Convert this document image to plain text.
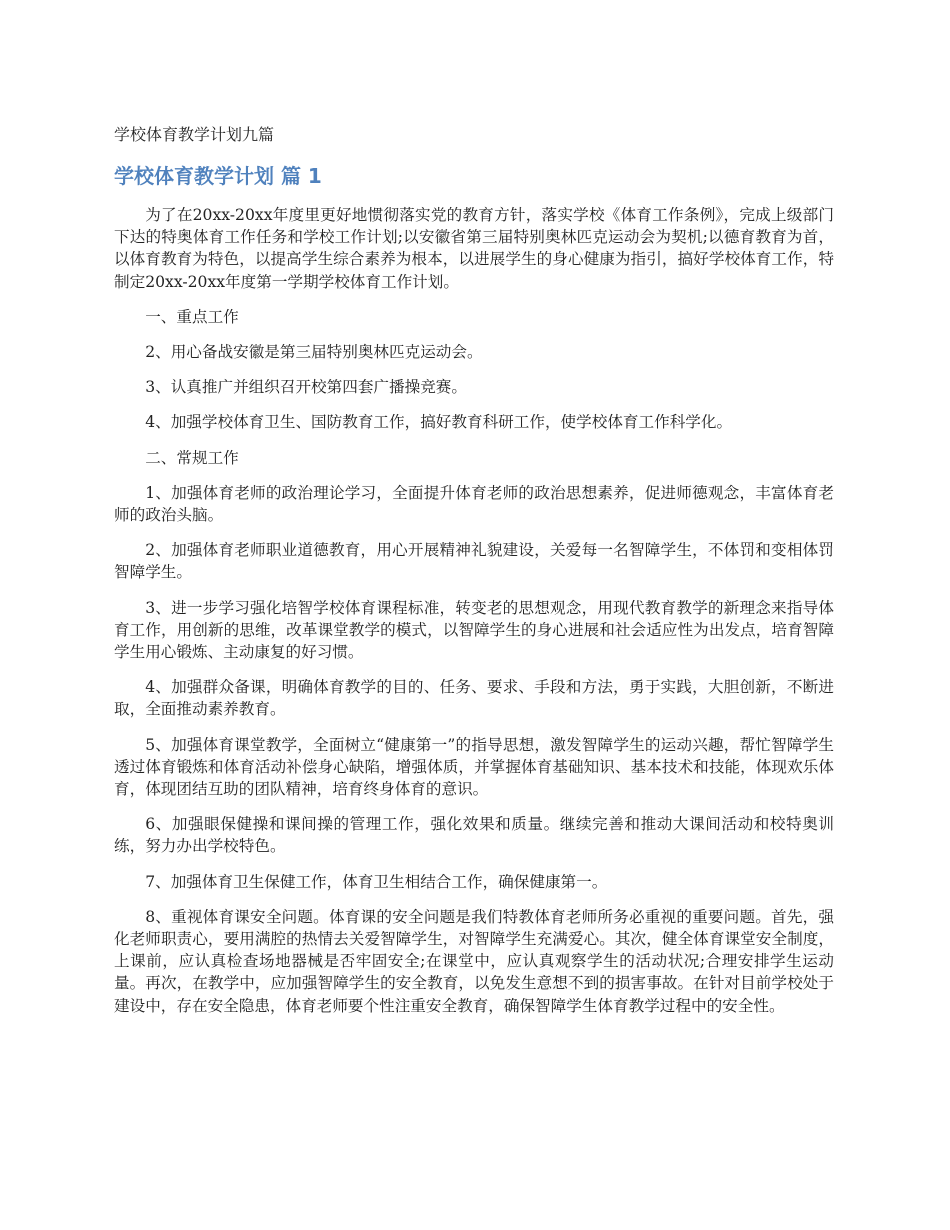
学校体育教学计划九篇
学校体育教学计划 篇 1

为了在20xx-20xx年度里更好地惯彻落实党的教育方针，落实学校《体育工作条例》，完成上级部门下达的特奥体育工作任务和学校工作计划;以安徽省第三届特别奥林匹克运动会为契机;以德育教育为首，以体育教育为特色，以提高学生综合素养为根本，以进展学生的身心健康为指引，搞好学校体育工作，特制定20xx-20xx年度第一学期学校体育工作计划。

一、重点工作

2、用心备战安徽是第三届特别奥林匹克运动会。

3、认真推广并组织召开校第四套广播操竞赛。

4、加强学校体育卫生、国防教育工作，搞好教育科研工作，使学校体育工作科学化。

二、常规工作

1、加强体育老师的政治理论学习，全面提升体育老师的政治思想素养，促进师德观念，丰富体育老师的政治头脑。

2、加强体育老师职业道德教育，用心开展精神礼貌建设，关爱每一名智障学生，不体罚和变相体罚智障学生。

3、进一步学习强化培智学校体育课程标准，转变老的思想观念，用现代教育教学的新理念来指导体育工作，用创新的思维，改革课堂教学的模式，以智障学生的身心进展和社会适应性为出发点，培育智障学生用心锻炼、主动康复的好习惯。

4、加强群众备课，明确体育教学的目的、任务、要求、手段和方法，勇于实践，大胆创新，不断进取，全面推动素养教育。

5、加强体育课堂教学，全面树立“健康第一”的指导思想，激发智障学生的运动兴趣，帮忙智障学生透过体育锻炼和体育活动补偿身心缺陷，增强体质，并掌握体育基础知识、基本技术和技能，体现欢乐体育，体现团结互助的团队精神，培育终身体育的意识。

6、加强眼保健操和课间操的管理工作，强化效果和质量。继续完善和推动大课间活动和校特奥训练，努力办出学校特色。

7、加强体育卫生保健工作，体育卫生相结合工作，确保健康第一。

8、重视体育课安全问题。体育课的安全问题是我们特教体育老师所务必重视的重要问题。首先，强化老师职责心，要用满腔的热情去关爱智障学生，对智障学生充满爱心。其次，健全体育课堂安全制度，上课前，应认真检查场地器械是否牢固安全;在课堂中，应认真观察学生的活动状况;合理安排学生运动量。再次，在教学中，应加强智障学生的安全教育，以免发生意想不到的损害事故。在针对目前学校处于建设中，存在安全隐患，体育老师要个性注重安全教育，确保智障学生体育教学过程中的安全性。
